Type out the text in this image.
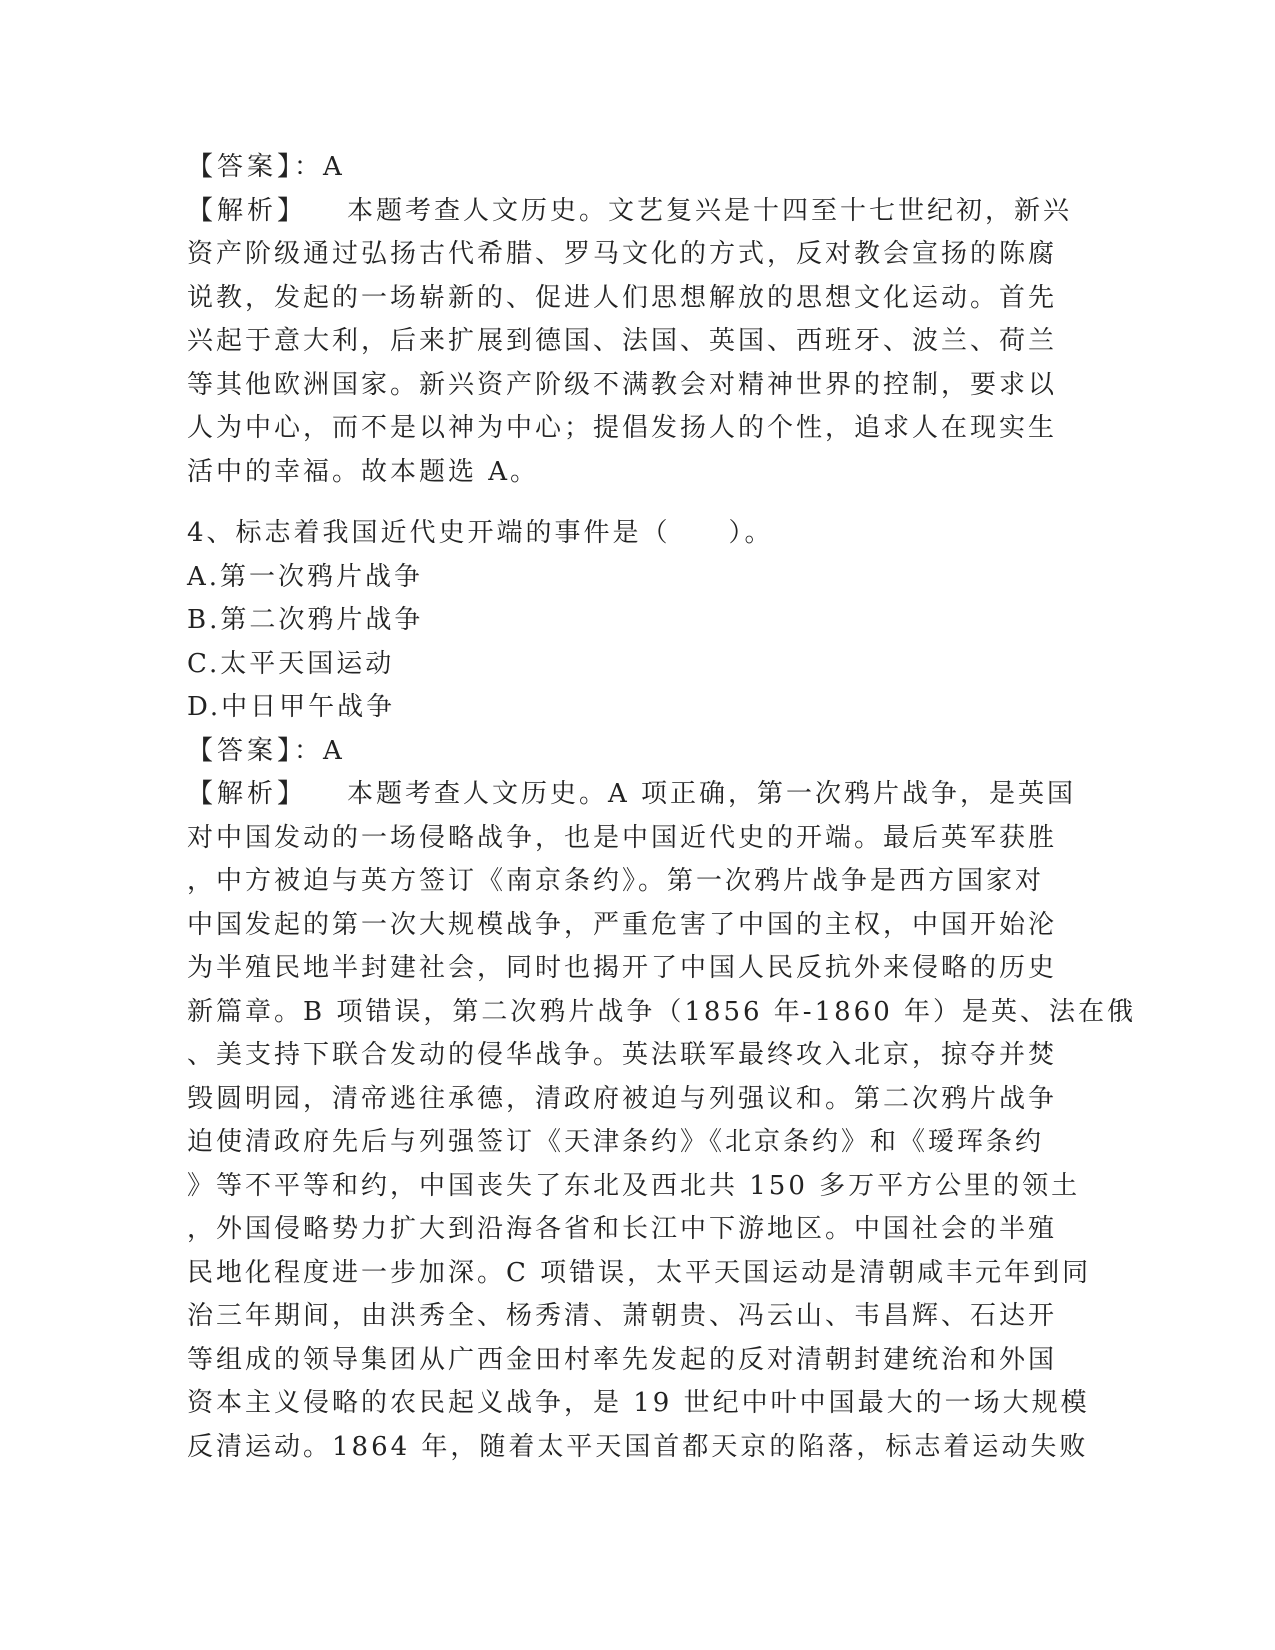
【答案】：A
【解析】 本题考查人文历史。文艺复兴是十四至十七世纪初，新兴
资产阶级通过弘扬古代希腊、罗马文化的方式，反对教会宣扬的陈腐
说教，发起的一场崭新的、促进人们思想解放的思想文化运动。首先
兴起于意大利，后来扩展到德国、法国、英国、西班牙、波兰、荷兰
等其他欧洲国家。新兴资产阶级不满教会对精神世界的控制，要求以
人为中心，而不是以神为中心；提倡发扬人的个性，追求人在现实生
活中的幸福。故本题选 A。
4、标志着我国近代史开端的事件是（　　）。
A.第一次鸦片战争
B.第二次鸦片战争
C.太平天国运动
D.中日甲午战争
【答案】：A
【解析】 本题考查人文历史。A 项正确，第一次鸦片战争，是英国
对中国发动的一场侵略战争，也是中国近代史的开端。最后英军获胜
，中方被迫与英方签订《南京条约》。第一次鸦片战争是西方国家对
中国发起的第一次大规模战争，严重危害了中国的主权，中国开始沦
为半殖民地半封建社会，同时也揭开了中国人民反抗外来侵略的历史
新篇章。B 项错误，第二次鸦片战争（1856 年-1860 年）是英、法在俄
、美支持下联合发动的侵华战争。英法联军最终攻入北京，掠夺并焚
毁圆明园，清帝逃往承德，清政府被迫与列强议和。第二次鸦片战争
迫使清政府先后与列强签订《天津条约》《北京条约》和《瑷珲条约
》等不平等和约，中国丧失了东北及西北共 150 多万平方公里的领土
，外国侵略势力扩大到沿海各省和长江中下游地区。中国社会的半殖
民地化程度进一步加深。C 项错误，太平天国运动是清朝咸丰元年到同
治三年期间，由洪秀全、杨秀清、萧朝贵、冯云山、韦昌辉、石达开
等组成的领导集团从广西金田村率先发起的反对清朝封建统治和外国
资本主义侵略的农民起义战争，是 19 世纪中叶中国最大的一场大规模
反清运动。1864 年，随着太平天国首都天京的陷落，标志着运动失败
